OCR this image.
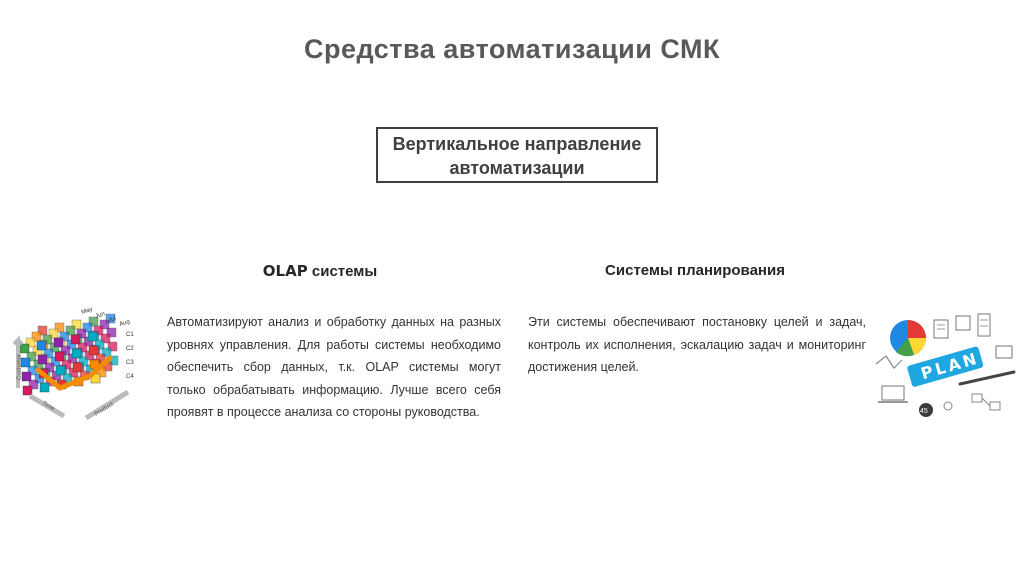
Средства автоматизации СМК
Вертикальное направление
автоматизации
OLAP системы	Системы планирования
Автоматизируют анализ и обработку данных на разных уровнях управления. Для работы системы необходимо обеспечить сбор данных, т.к. OLAP системы могут только обрабатывать информацию. Лучше всего себя проявят в процессе анализа со стороны руководства.
Эти системы обеспечивают постановку целей и задач, контроль их исполнения, эскалацию задач и мониторинг достижения целей.
May Jun Jul Aug
C1
C2
C3
C4
Customer
Time	Product
PLAN
45
